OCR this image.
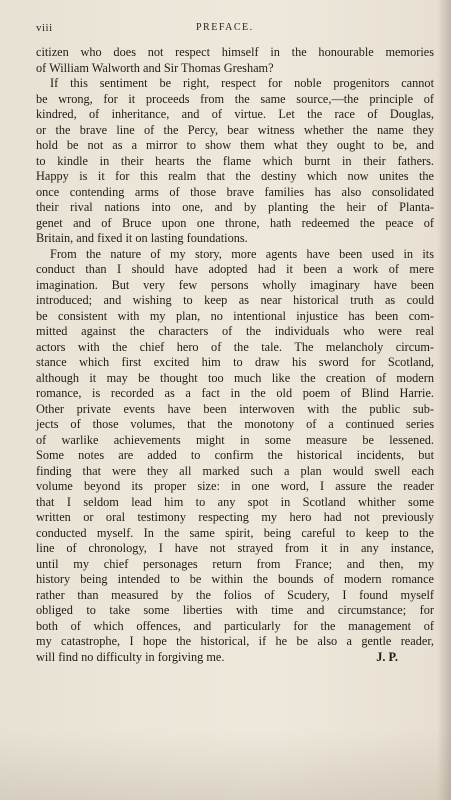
viii	PREFACE.
citizen who does not respect himself in the honourable memories
of William Walworth and Sir Thomas Gresham?
If this sentiment be right, respect for noble progenitors cannot
be wrong, for it proceeds from the same source,—the principle of
kindred, of inheritance, and of virtue. Let the race of Douglas,
or the brave line of the Percy, bear witness whether the name they
hold be not as a mirror to show them what they ought to be, and
to kindle in their hearts the flame which burnt in their fathers.
Happy is it for this realm that the destiny which now unites the
once contending arms of those brave families has also consolidated
their rival nations into one, and by planting the heir of Planta-
genet and of Bruce upon one throne, hath redeemed the peace of
Britain, and fixed it on lasting foundations.
From the nature of my story, more agents have been used in its
conduct than I should have adopted had it been a work of mere
imagination. But very few persons wholly imaginary have been
introduced; and wishing to keep as near historical truth as could
be consistent with my plan, no intentional injustice has been com-
mitted against the characters of the individuals who were real
actors with the chief hero of the tale. The melancholy circum-
stance which first excited him to draw his sword for Scotland,
although it may be thought too much like the creation of modern
romance, is recorded as a fact in the old poem of Blind Harrie.
Other private events have been interwoven with the public sub-
jects of those volumes, that the monotony of a continued series
of warlike achievements might in some measure be lessened.
Some notes are added to confirm the historical incidents, but
finding that were they all marked such a plan would swell each
volume beyond its proper size: in one word, I assure the reader
that I seldom lead him to any spot in Scotland whither some
written or oral testimony respecting my hero had not previously
conducted myself. In the same spirit, being careful to keep to the
line of chronology, I have not strayed from it in any instance,
until my chief personages return from France; and then, my
history being intended to be within the bounds of modern romance
rather than measured by the folios of Scudery, I found myself
obliged to take some liberties with time and circumstance; for
both of which offences, and particularly for the management of
my catastrophe, I hope the historical, if he be also a gentle reader,
will find no difficulty in forgiving me.	J. P.
